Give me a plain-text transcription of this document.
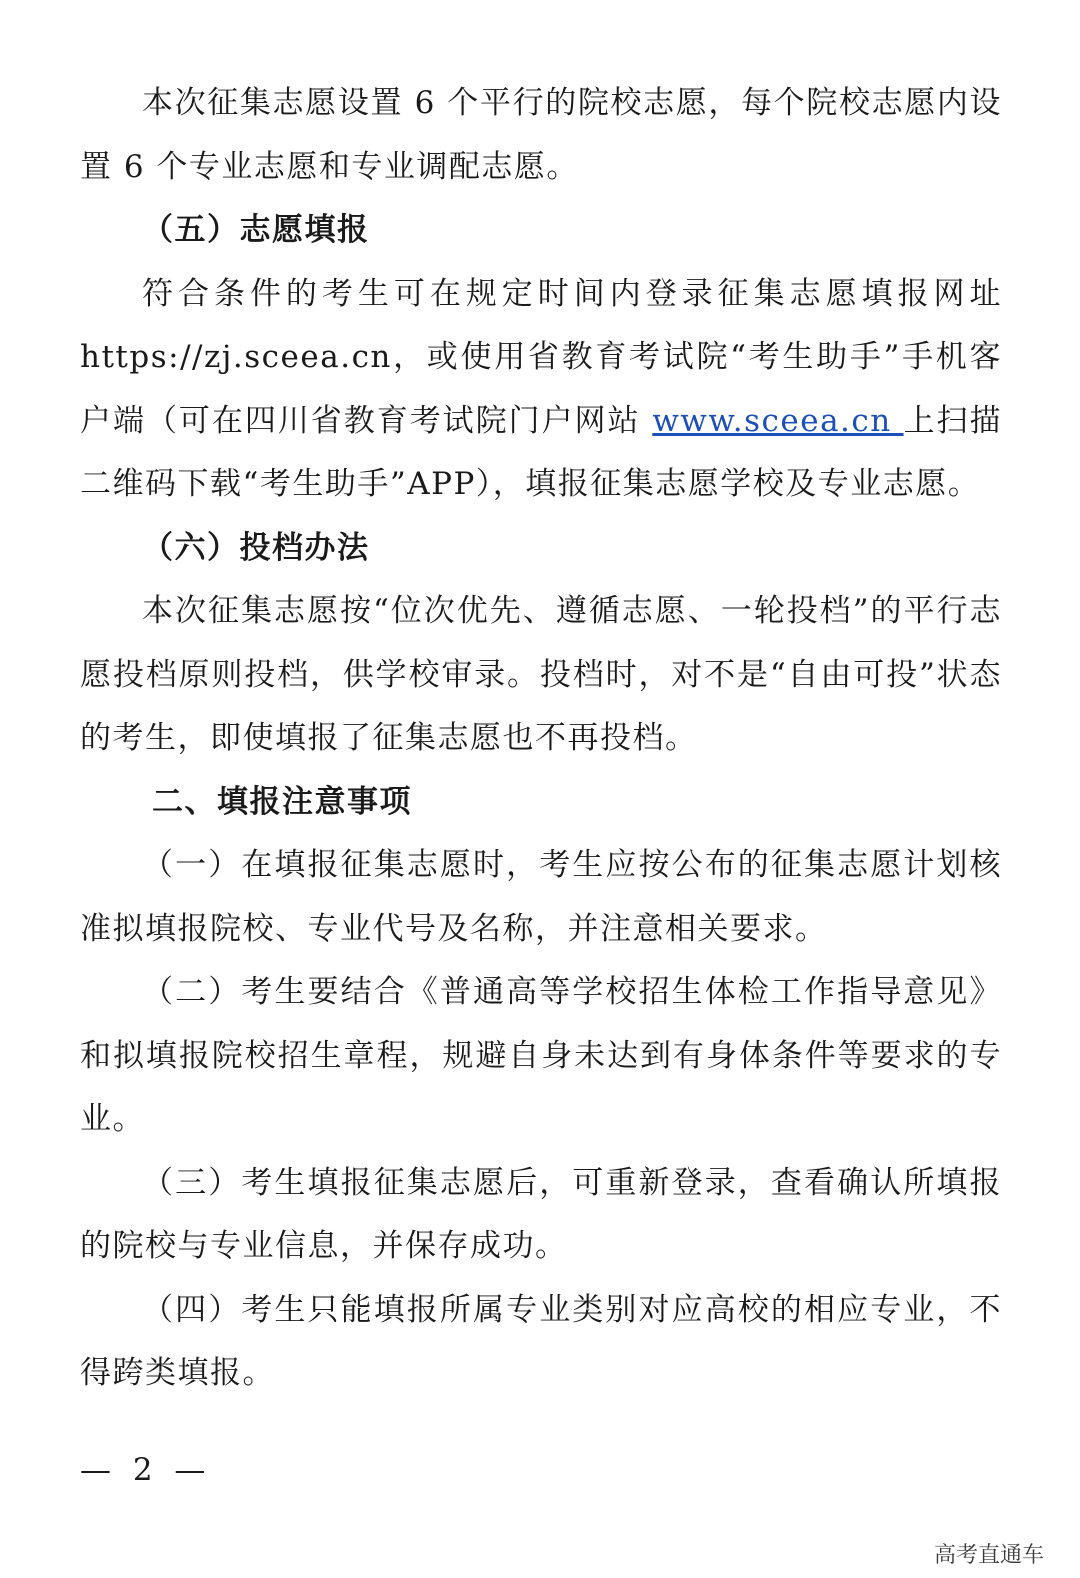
本次征集志愿设置 6 个平行的院校志愿，每个院校志愿内设置 6 个专业志愿和专业调配志愿。

（五）志愿填报

符合条件的考生可在规定时间内登录征集志愿填报网址 https://zj.sceea.cn，或使用省教育考试院“考生助手”手机客户端（可在四川省教育考试院门户网站 www.sceea.cn 上扫描二维码下载“考生助手”APP），填报征集志愿学校及专业志愿。

（六）投档办法

本次征集志愿按“位次优先、遵循志愿、一轮投档”的平行志愿投档原则投档，供学校审录。投档时，对不是“自由可投”状态的考生，即使填报了征集志愿也不再投档。

二、填报注意事项

（一）在填报征集志愿时，考生应按公布的征集志愿计划核准拟填报院校、专业代号及名称，并注意相关要求。

（二）考生要结合《普通高等学校招生体检工作指导意见》和拟填报院校招生章程，规避自身未达到有身体条件等要求的专业。

（三）考生填报征集志愿后，可重新登录，查看确认所填报的院校与专业信息，并保存成功。

（四）考生只能填报所属专业类别对应高校的相应专业，不得跨类填报。

— 2 —
高考直通车
